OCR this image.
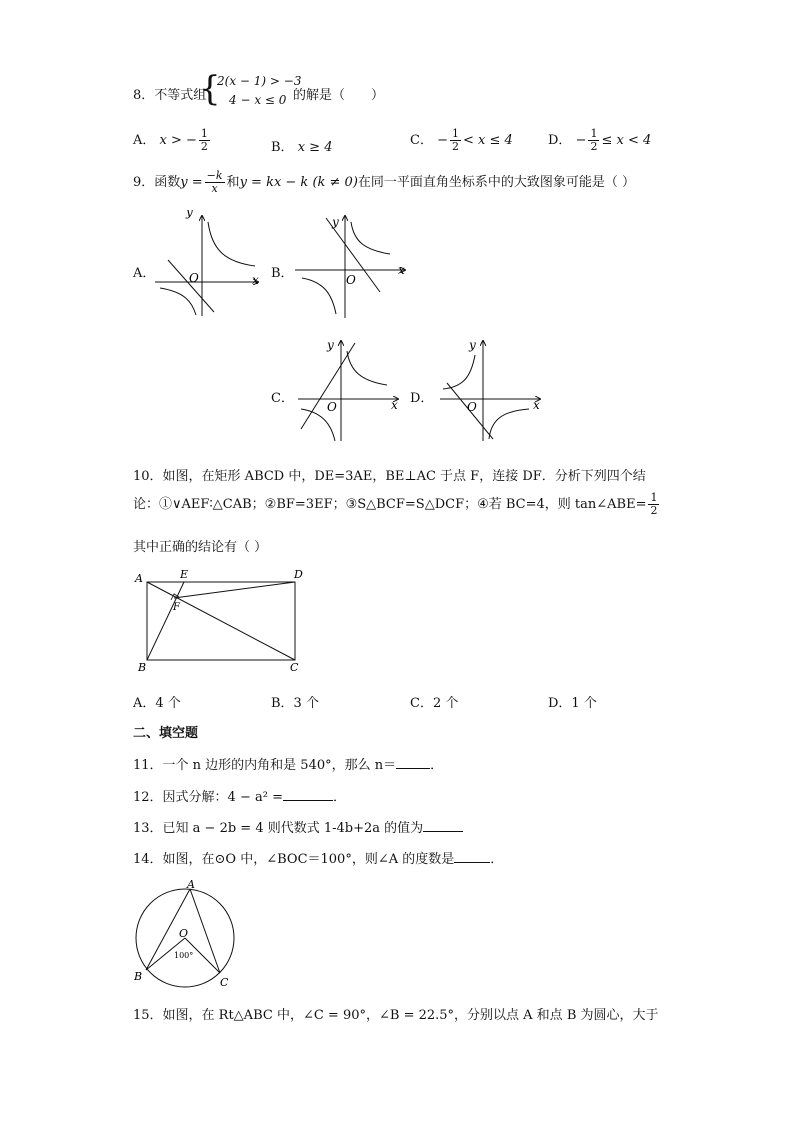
8．不等式组
{
2(x − 1) > −3
4 − x ≤ 0 的解是（　　）
A． x > − $\frac{1}{2}$	B． x ≥ 4	C． − $\frac{1}{2} < x \le 4$	D． − $\frac{1}{2} \le x < 4$
9．函数$y = \frac{-k}{x}$ 和y = kx − k (k ≠ 0)在同一平面直角坐标系中的大致图象可能是（ ）
A．	B．
C．	D．
y
x
O
y
x
O
y
x
O
y
x
O
10．如图，在矩形 ABCD 中，DE=3AE，BE⊥AC 于点 F，连接 DF．分析下列四个结
论：①∨AEF∶△CAB；②BF=3EF；③S△BCF=S△DCF；④若 BC=4，则 tan∠ABE= $\frac{1}{2}$
其中正确的结论有（ ）
A	E	D
F
B	C
A．4 个	B．3 个	C．2 个	D．1 个
二、填空题
11．一个 n 边形的内角和是 540°，那么 n＝	．
12．因式分解：4 − a² =	．
13．已知 a − 2b = 4 则代数式 1-4b+2a 的值为
14．如图，在⊙O 中，∠BOC＝100°，则∠A 的度数是	．
A
O
B	C
100°
15．如图，在 Rt△ABC 中，∠C = 90°，∠B = 22.5°，分别以点 A 和点 B 为圆心，大于
